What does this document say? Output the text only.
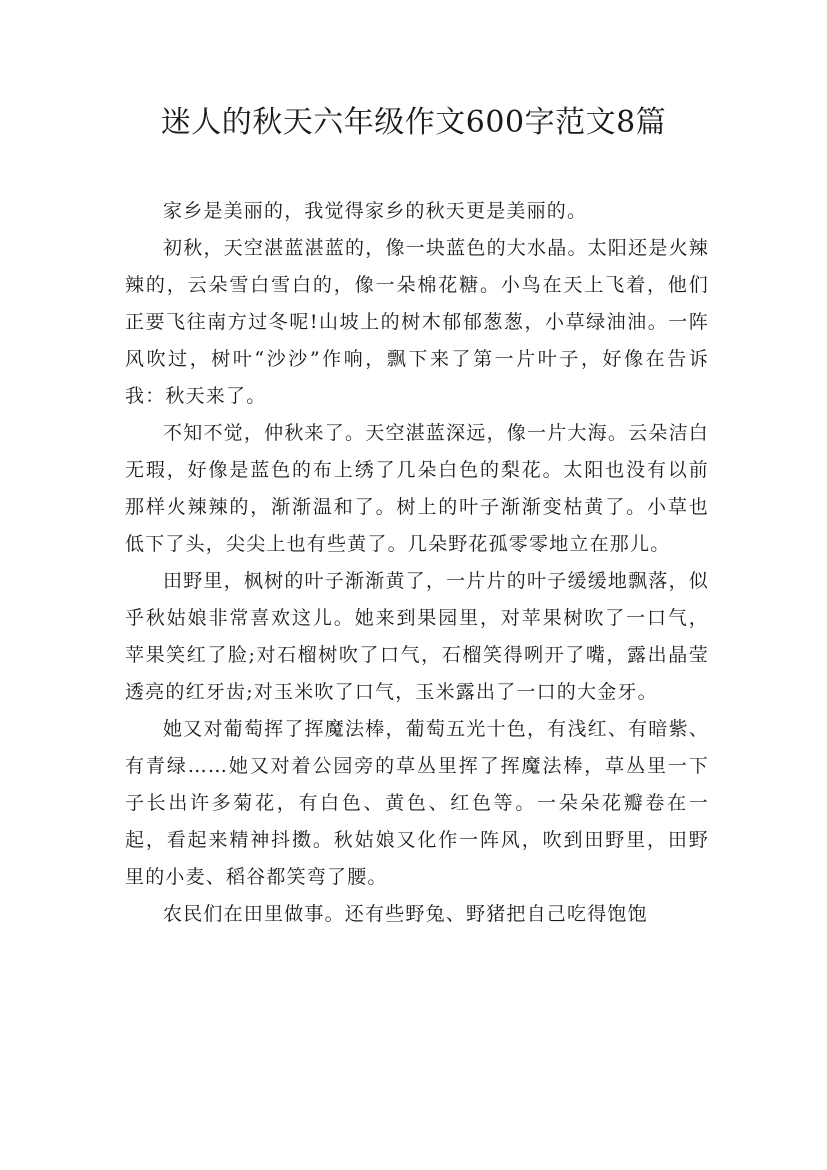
迷人的秋天六年级作文600字范文8篇

家乡是美丽的，我觉得家乡的秋天更是美丽的。

初秋，天空湛蓝湛蓝的，像一块蓝色的大水晶。太阳还是火辣辣的，云朵雪白雪白的，像一朵棉花糖。小鸟在天上飞着，他们正要飞往南方过冬呢!山坡上的树木郁郁葱葱，小草绿油油。一阵风吹过，树叶“沙沙”作响，飘下来了第一片叶子，好像在告诉我：秋天来了。

不知不觉，仲秋来了。天空湛蓝深远，像一片大海。云朵洁白无瑕，好像是蓝色的布上绣了几朵白色的梨花。太阳也没有以前那样火辣辣的，渐渐温和了。树上的叶子渐渐变枯黄了。小草也低下了头，尖尖上也有些黄了。几朵野花孤零零地立在那儿。

田野里，枫树的叶子渐渐黄了，一片片的叶子缓缓地飘落，似乎秋姑娘非常喜欢这儿。她来到果园里，对苹果树吹了一口气，苹果笑红了脸;对石榴树吹了口气，石榴笑得咧开了嘴，露出晶莹透亮的红牙齿;对玉米吹了口气，玉米露出了一口的大金牙。

她又对葡萄挥了挥魔法棒，葡萄五光十色，有浅红、有暗紫、有青绿……她又对着公园旁的草丛里挥了挥魔法棒，草丛里一下子长出许多菊花，有白色、黄色、红色等。一朵朵花瓣卷在一起，看起来精神抖擞。秋姑娘又化作一阵风，吹到田野里，田野里的小麦、稻谷都笑弯了腰。

农民们在田里做事。还有些野兔、野猪把自己吃得饱饱
